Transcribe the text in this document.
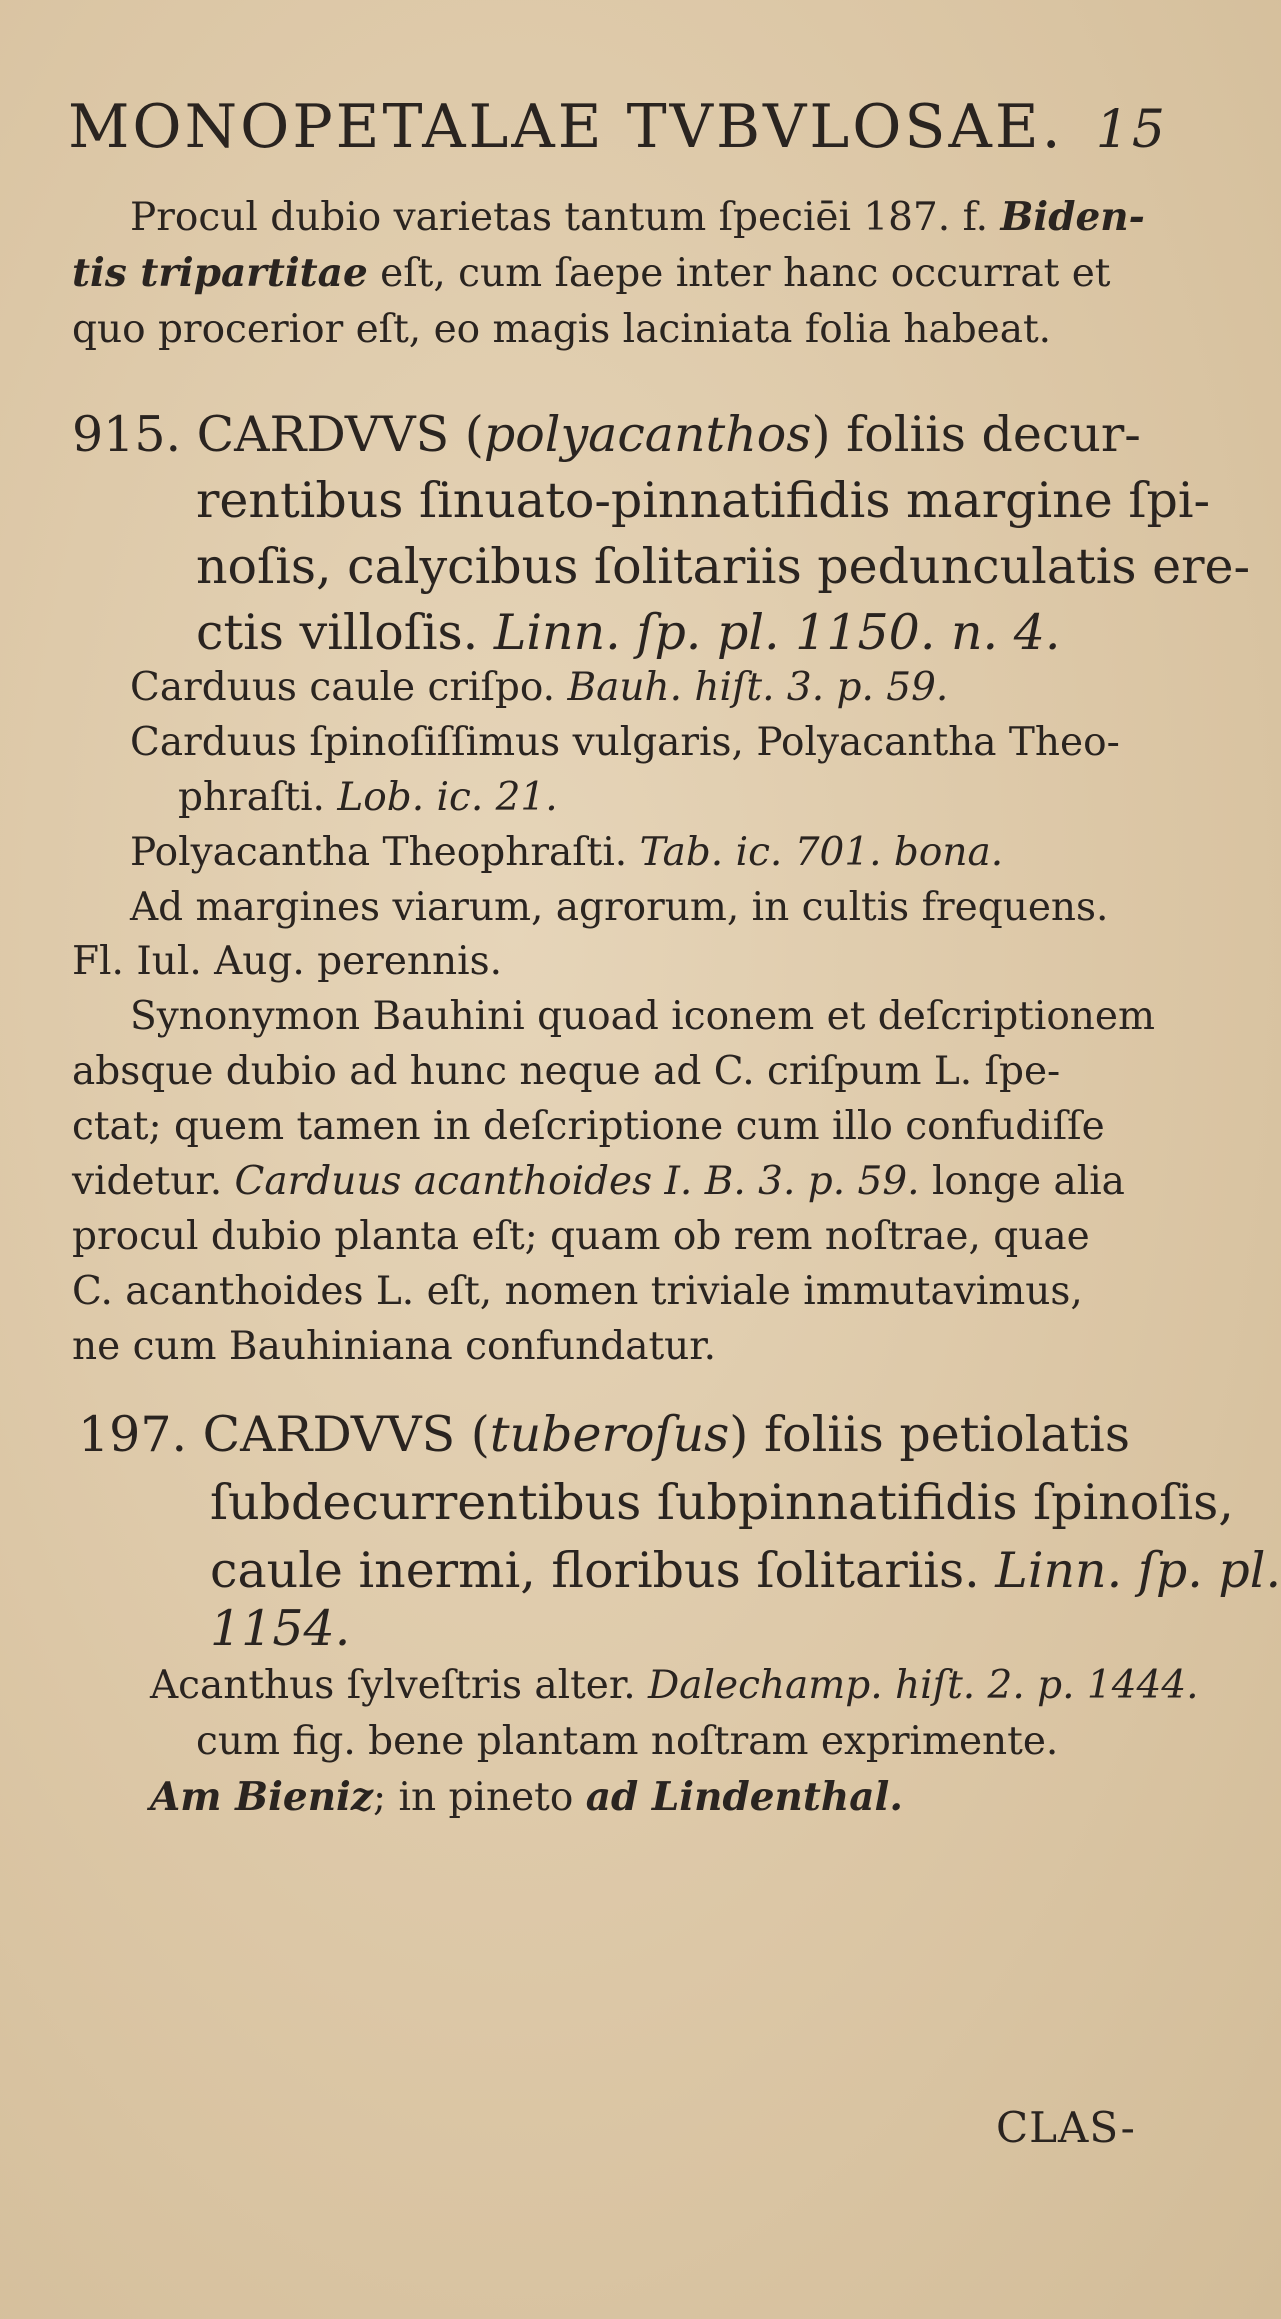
MONOPETALAE TVBVLOSAE. 15
Procul dubio varietas tantum ſpeciēi 187. f. Biden-
tis tripartitae eſt, cum ſaepe inter hanc occurrat et
quo procerior eſt, eo magis laciniata folia habeat.
915. CARDVVS (polyacanthos) foliis decur-
rentibus ſinuato-pinnatifidis margine ſpi-
noſis, calycibus ſolitariis pedunculatis ere-
ctis villoſis. Linn. ſp. pl. 1150. n. 4.
Carduus caule criſpo. Bauh. hiſt. 3. p. 59.
Carduus ſpinoſiſſimus vulgaris, Polyacantha Theo-
phraſti. Lob. ic. 21.
Polyacantha Theophraſti. Tab. ic. 701. bona.
Ad margines viarum, agrorum, in cultis frequens.
Fl. Iul. Aug. perennis.
Synonymon Bauhini quoad iconem et deſcriptionem
absque dubio ad hunc neque ad C. criſpum L. ſpe-
ctat; quem tamen in deſcriptione cum illo confudiſſe
videtur. Carduus acanthoides I. B. 3. p. 59. longe alia
procul dubio planta eſt; quam ob rem noſtrae, quae
C. acanthoides L. eſt, nomen triviale immutavimus,
ne cum Bauhiniana confundatur.
197. CARDVVS (tuberoſus) foliis petiolatis
ſubdecurrentibus ſubpinnatifidis ſpinoſis,
caule inermi, floribus ſolitariis. Linn. ſp. pl.
1154.
Acanthus ſylveſtris alter. Dalechamp. hiſt. 2. p. 1444.
cum fig. bene plantam noſtram exprimente.
Am Bieniz; in pineto ad Lindenthal.
CLAS-
